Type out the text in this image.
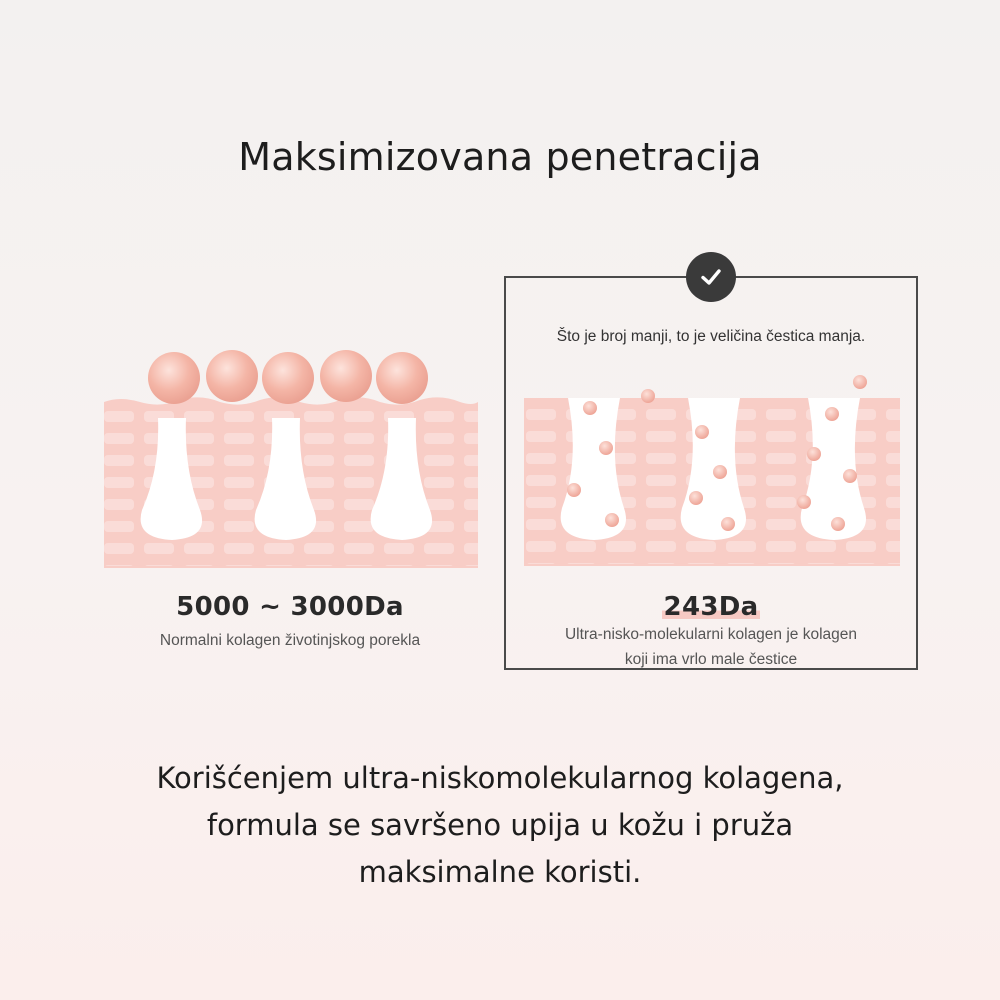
Maksimizovana penetracija
Što je broj manji, to je veličina čestica manja.
5000 ~ 3000Da
Normalni kolagen životinjskog porekla
243Da
Ultra-nisko-molekularni kolagen je kolagen
koji ima vrlo male čestice
Korišćenjem ultra-niskomolekularnog kolagena,
formula se savršeno upija u kožu i pruža
maksimalne koristi.
